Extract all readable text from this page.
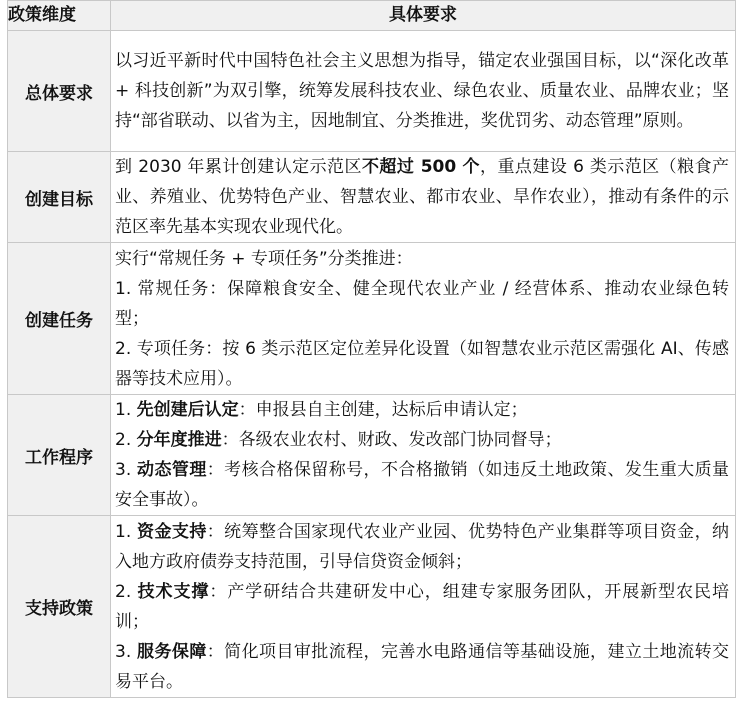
政策维度	具体要求
总体要求	以习近平新时代中国特色社会主义思想为指导，锚定农业强国目标，以“深化改革 + 科技创新”为双引擎，统筹发展科技农业、绿色农业、质量农业、品牌农业；坚持“部省联动、以省为主，因地制宜、分类推进，奖优罚劣、动态管理”原则。

创建目标	到 2030 年累计创建认定示范区不超过 500 个，重点建设 6 类示范区（粮食产业、养殖业、优势特色产业、智慧农业、都市农业、旱作农业），推动有条件的示范区率先基本实现农业现代化。

创建任务	实行“常规任务 + 专项任务”分类推进：

1. 常规任务：保障粮食安全、健全现代农业产业 / 经营体系、推动农业绿色转型；

2. 专项任务：按 6 类示范区定位差异化设置（如智慧农业示范区需强化 AI、传感器等技术应用）。

工作程序	1. 先创建后认定：申报县自主创建，达标后申请认定；

2. 分年度推进：各级农业农村、财政、发改部门协同督导；

3. 动态管理：考核合格保留称号，不合格撤销（如违反土地政策、发生重大质量安全事故）。

支持政策	1. 资金支持：统筹整合国家现代农业产业园、优势特色产业集群等项目资金，纳入地方政府债券支持范围，引导信贷资金倾斜；

2. 技术支撑：产学研结合共建研发中心，组建专家服务团队，开展新型农民培训；

3. 服务保障：简化项目审批流程，完善水电路通信等基础设施，建立土地流转交易平台。
